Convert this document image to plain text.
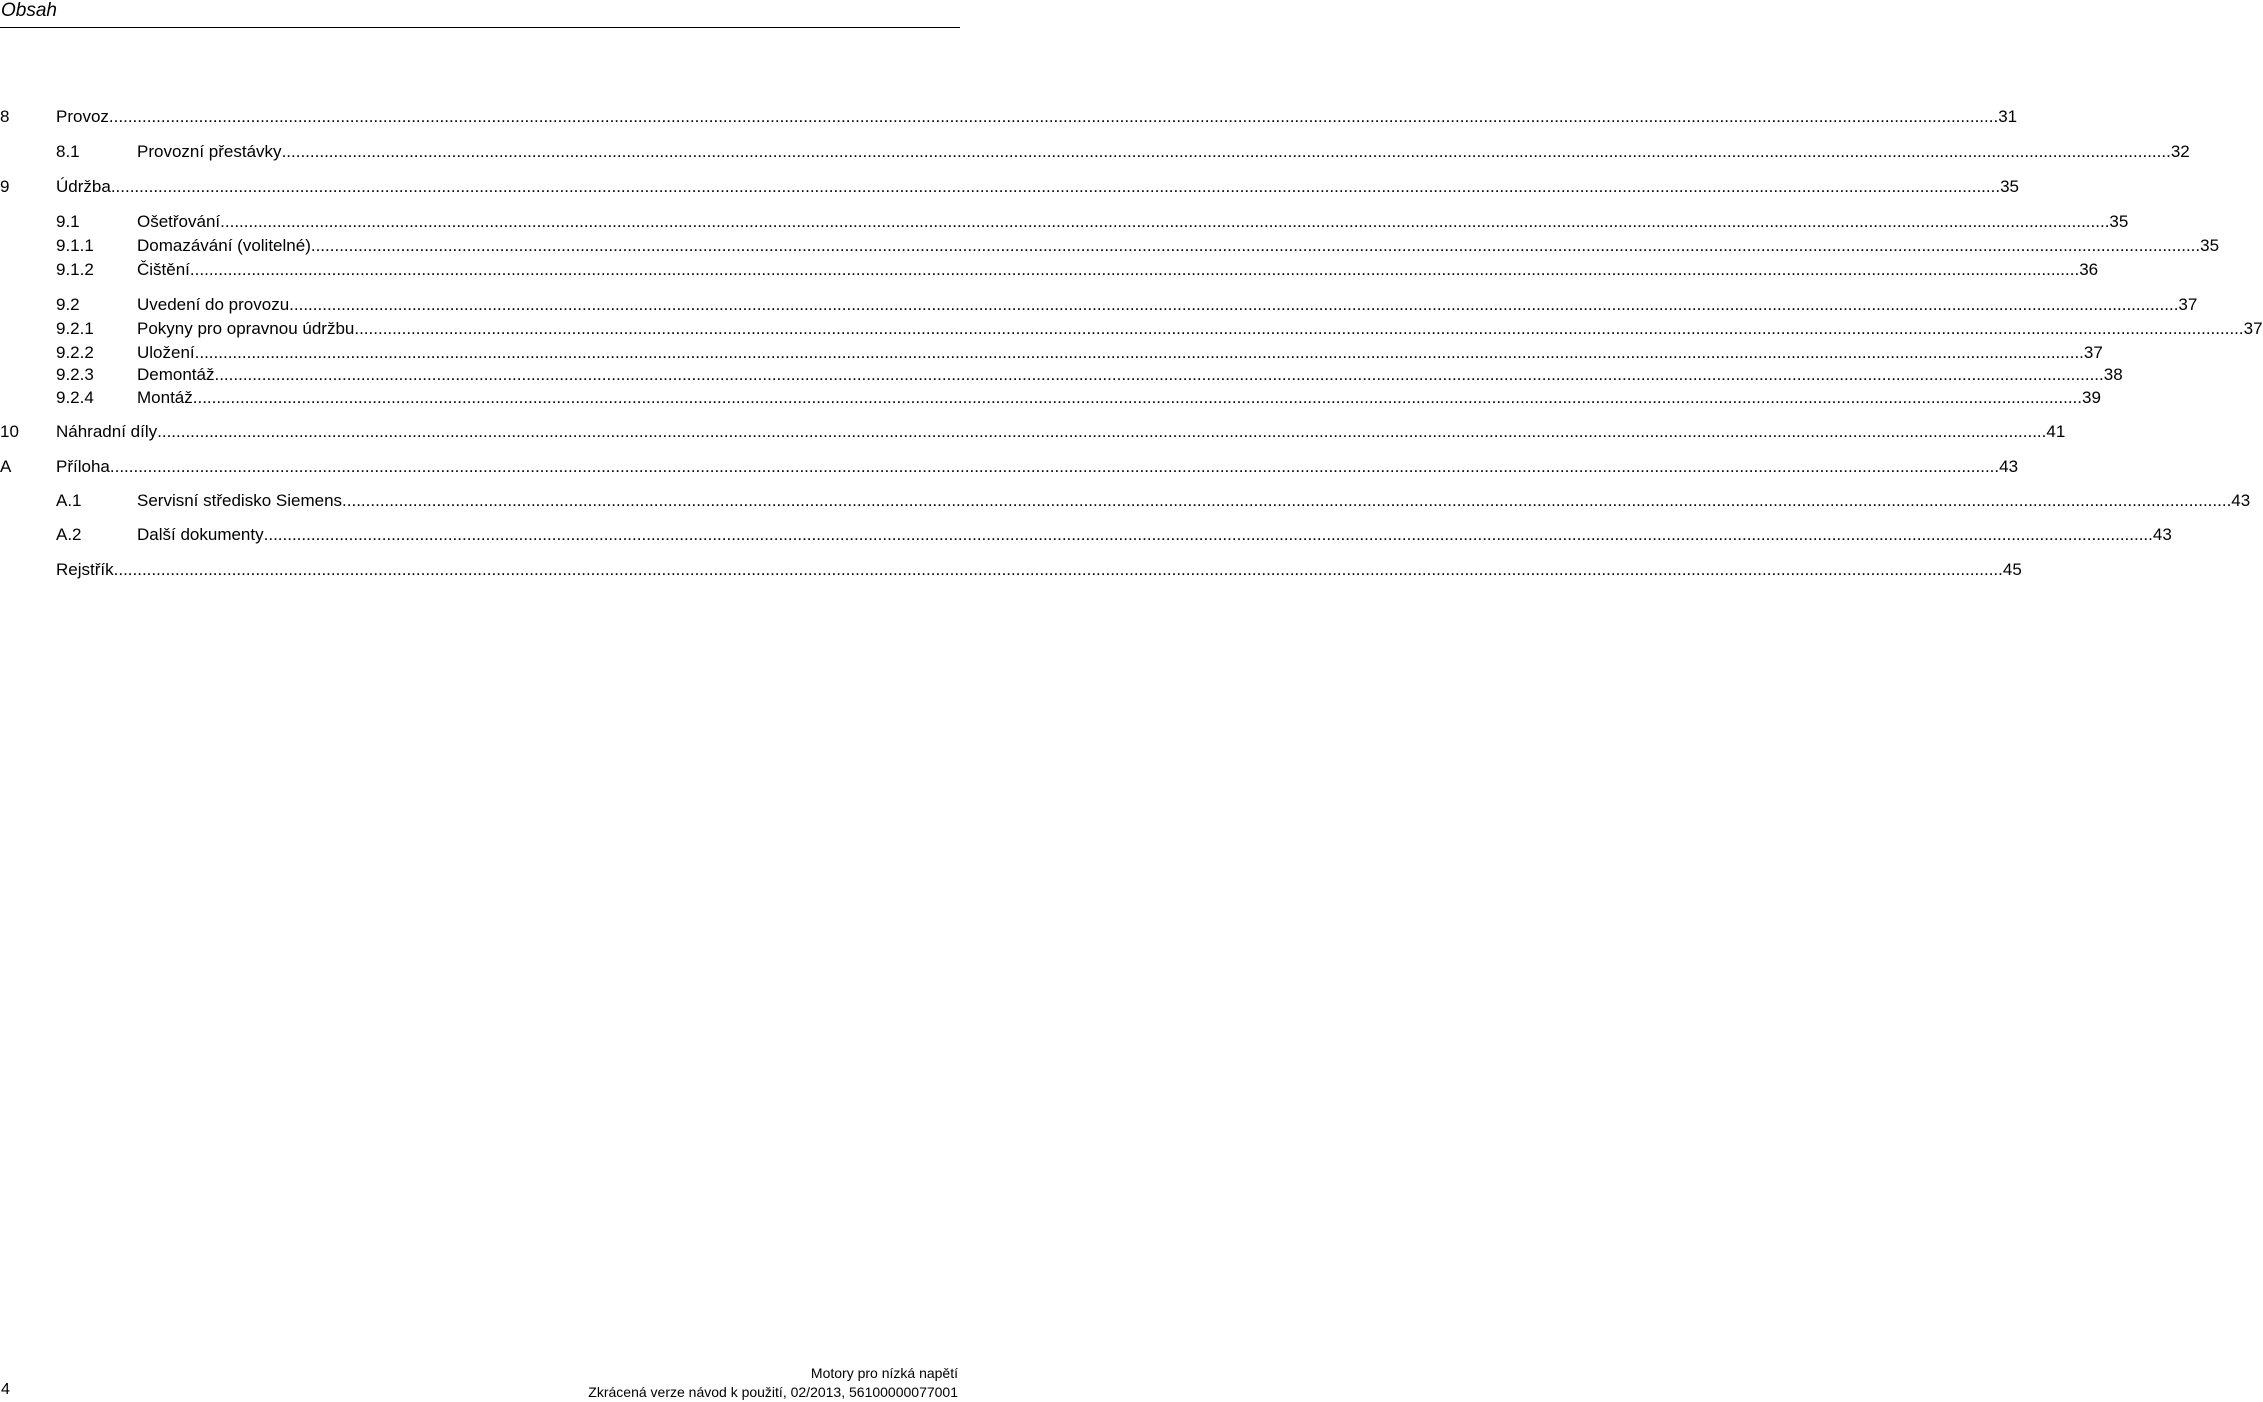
Obsah
8	Provoz ................................................................................................................................................................................................................................................................................................................................................................................................................ 31
8.1	Provozní přestávky ................................................................................................................................................................................................................................................................................................................................................................................................................ 32
9	Údržba ................................................................................................................................................................................................................................................................................................................................................................................................................ 35
9.1	Ošetřování ................................................................................................................................................................................................................................................................................................................................................................................................................ 35
9.1.1	Domazávání (volitelné) ................................................................................................................................................................................................................................................................................................................................................................................................................ 35
9.1.2	Čištění ................................................................................................................................................................................................................................................................................................................................................................................................................ 36
9.2	Uvedení do provozu ................................................................................................................................................................................................................................................................................................................................................................................................................ 37
9.2.1	Pokyny pro opravnou údržbu ................................................................................................................................................................................................................................................................................................................................................................................................................ 37
9.2.2	Uložení ................................................................................................................................................................................................................................................................................................................................................................................................................ 37
9.2.3	Demontáž ................................................................................................................................................................................................................................................................................................................................................................................................................ 38
9.2.4	Montáž ................................................................................................................................................................................................................................................................................................................................................................................................................ 39
10 Náhradní díly ................................................................................................................................................................................................................................................................................................................................................................................................................ 41
A	Příloha ................................................................................................................................................................................................................................................................................................................................................................................................................ 43
A.1	Servisní středisko Siemens ................................................................................................................................................................................................................................................................................................................................................................................................................ 43
A.2	Další dokumenty ................................................................................................................................................................................................................................................................................................................................................................................................................ 43
Rejstřík ................................................................................................................................................................................................................................................................................................................................................................................................................ 45
4
Motory pro nízká napětí
Zkrácená verze návod k použití, 02/2013, 56100000077001
